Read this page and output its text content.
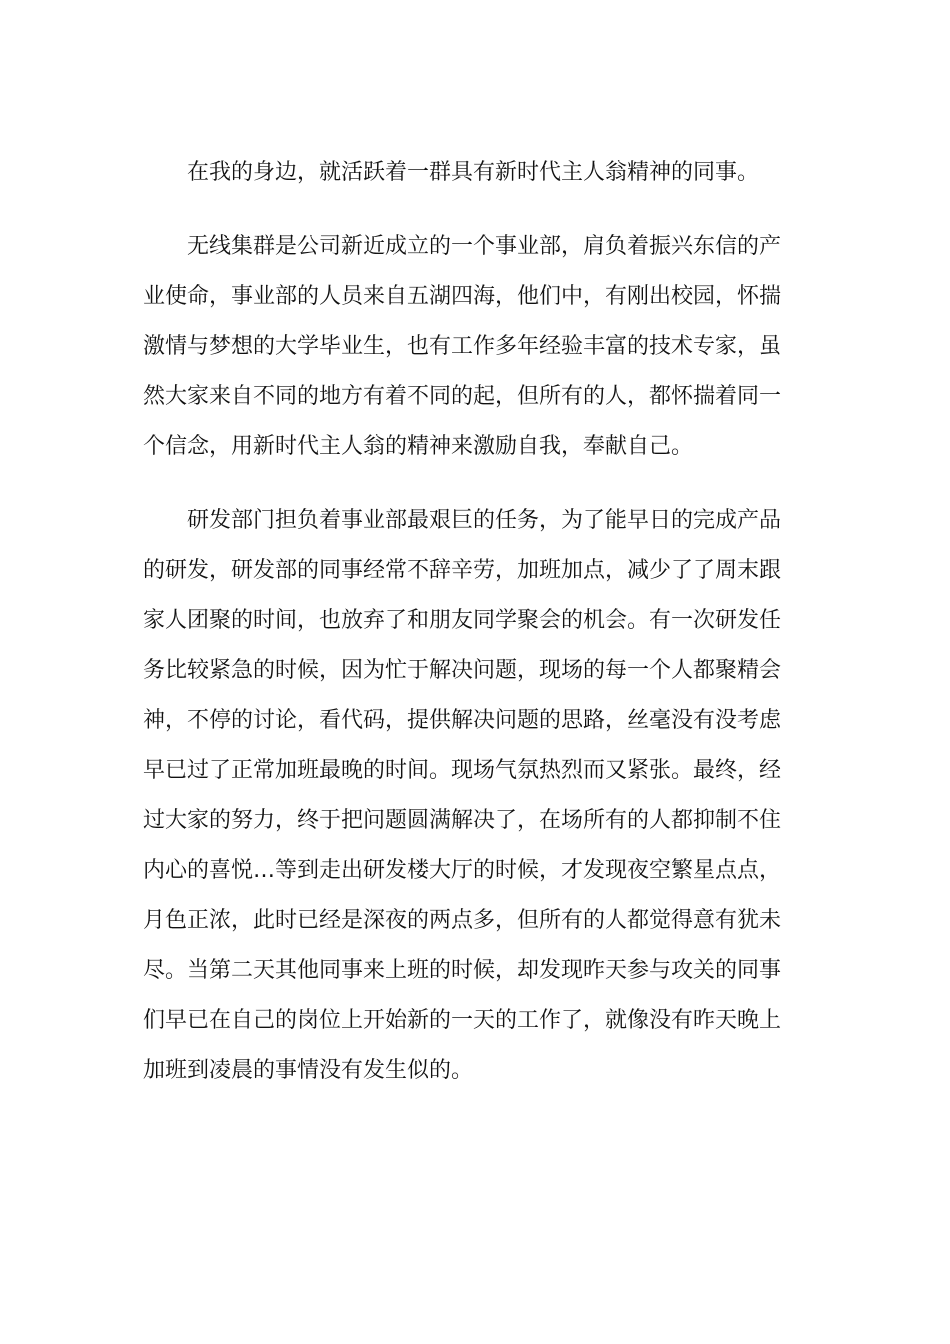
在我的身边，就活跃着一群具有新时代主人翁精神的同事。

无线集群是公司新近成立的一个事业部，肩负着振兴东信的产
业使命，事业部的人员来自五湖四海，他们中，有刚出校园，怀揣
激情与梦想的大学毕业生，也有工作多年经验丰富的技术专家，虽
然大家来自不同的地方有着不同的起，但所有的人，都怀揣着同一
个信念，用新时代主人翁的精神来激励自我，奉献自己。

研发部门担负着事业部最艰巨的任务，为了能早日的完成产品
的研发，研发部的同事经常不辞辛劳，加班加点，减少了了周末跟
家人团聚的时间，也放弃了和朋友同学聚会的机会。有一次研发任
务比较紧急的时候，因为忙于解决问题，现场的每一个人都聚精会
神，不停的讨论，看代码，提供解决问题的思路，丝毫没有没考虑
早已过了正常加班最晚的时间。现场气氛热烈而又紧张。最终，经
过大家的努力，终于把问题圆满解决了，在场所有的人都抑制不住
内心的喜悦…等到走出研发楼大厅的时候，才发现夜空繁星点点，
月色正浓，此时已经是深夜的两点多，但所有的人都觉得意有犹未
尽。当第二天其他同事来上班的时候，却发现昨天参与攻关的同事
们早已在自己的岗位上开始新的一天的工作了，就像没有昨天晚上
加班到凌晨的事情没有发生似的。
